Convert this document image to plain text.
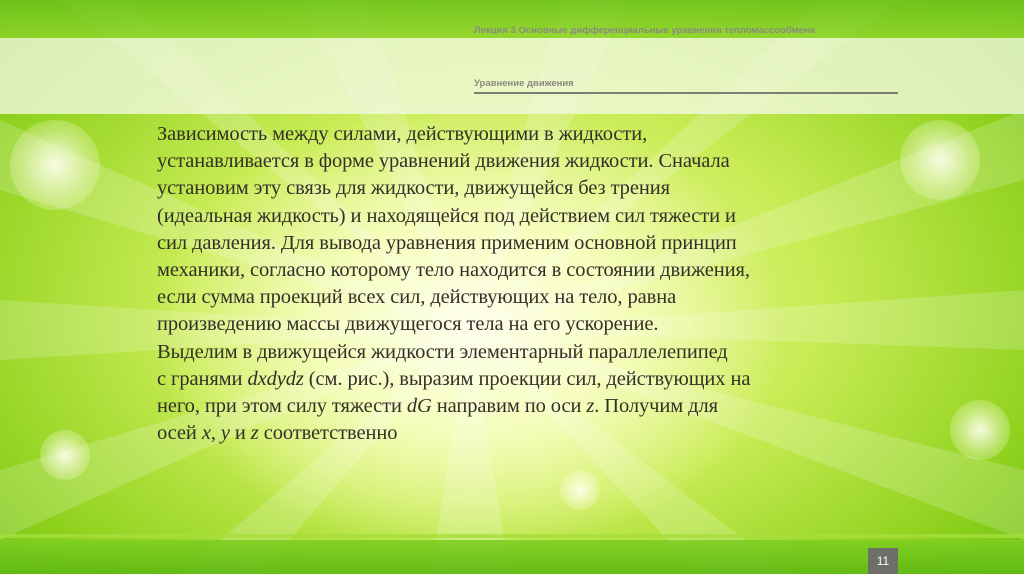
Лекция 3 Основные дифференциальные уравнения тепломассообмена
Уравнение движения
Зависимость между силами, действующими в жидкости,
устанавливается в форме уравнений движения жидкости. Сначала
установим эту связь для жидкости, движущейся без трения
(идеальная жидкость) и находящейся под действием сил тяжести и
сил давления. Для вывода уравнения применим основной принцип
механики, согласно которому тело находится в состоянии движения,
если сумма проекций всех сил, действующих на тело, равна
произведению массы движущегося тела на его ускорение.
Выделим в движущейся жидкости элементарный параллелепипед
с гранями dxdydz (см. рис.), выразим проекции сил, действующих на
него, при этом силу тяжести dG направим по оси z. Получим для
осей x, y и z соответственно
11
